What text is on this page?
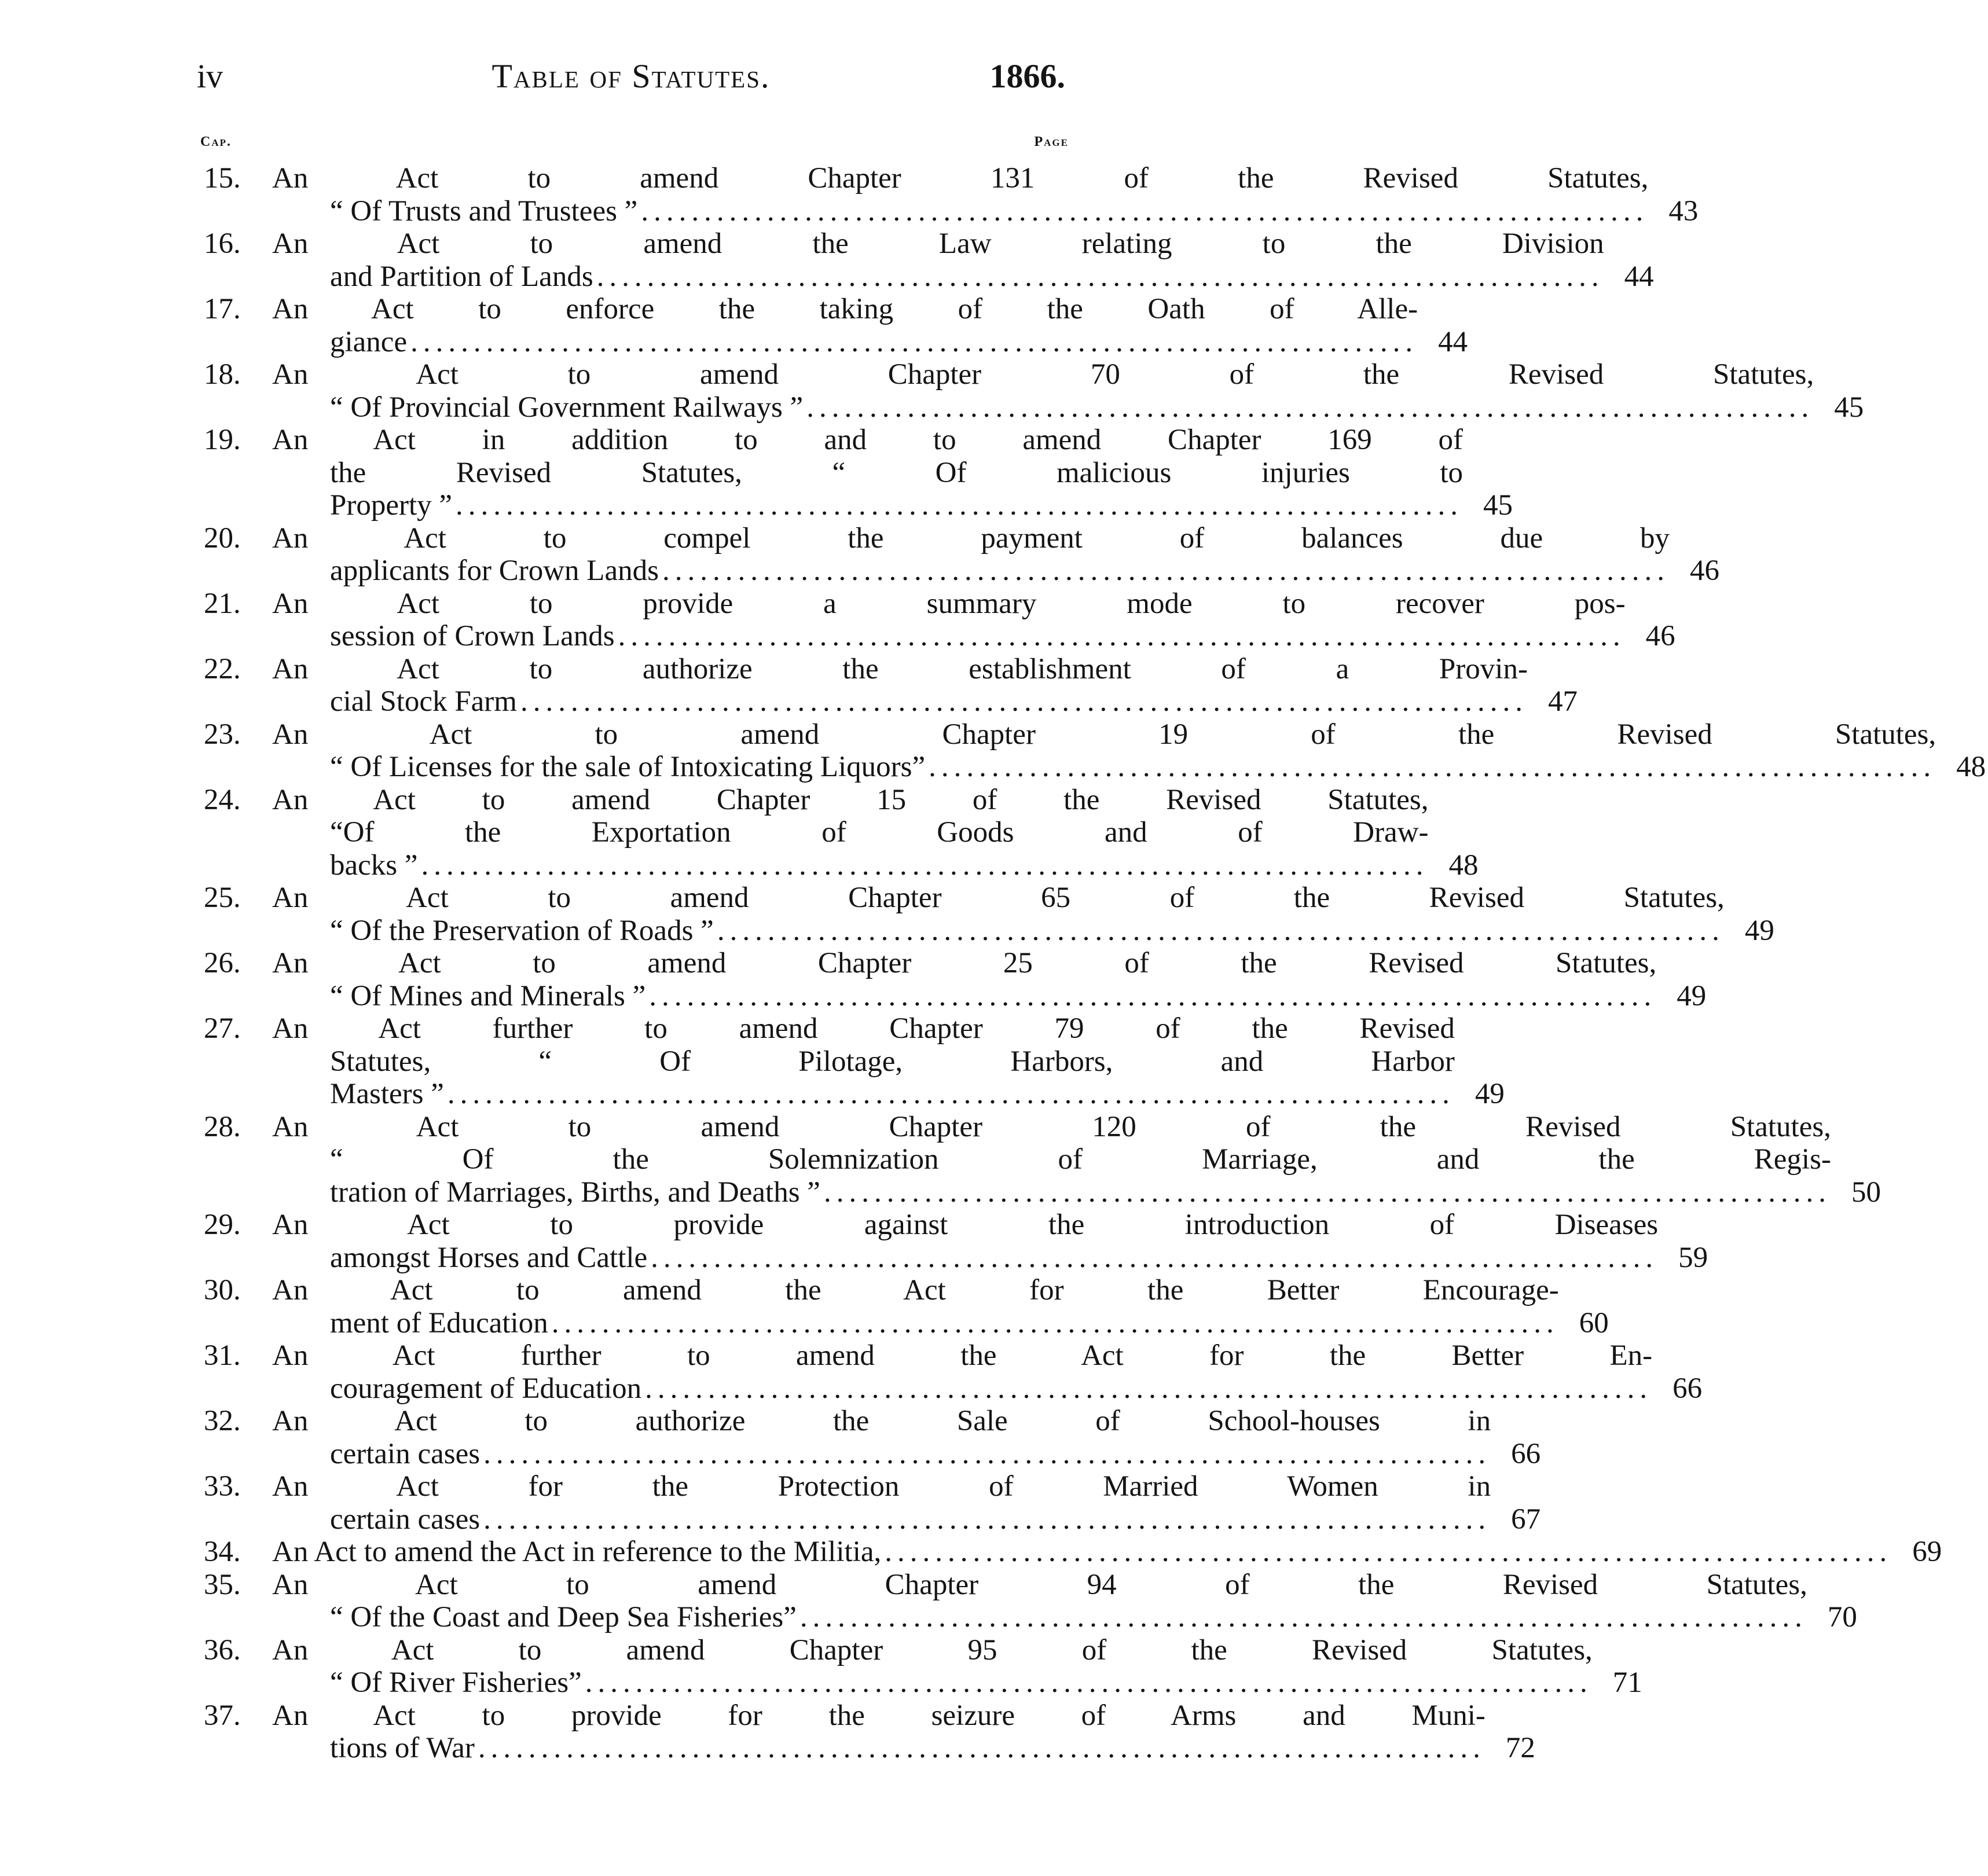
iv	Table of Statutes.	1866.
Cap.	Page
15.	An Act to amend Chapter 131 of the Revised Statutes,
“ Of Trusts and Trustees ” ................................................................................ 43
16.	An Act to amend the Law relating to the Division
and Partition of Lands ................................................................................ 44
17.	An Act to enforce the taking of the Oath of Alle-
giance ................................................................................ 44
18.	An Act to amend Chapter 70 of the Revised Statutes,
“ Of Provincial Government Railways ” ................................................................................ 45
19.	An Act in addition to and to amend Chapter 169 of
the Revised Statutes, “ Of malicious injuries to
Property ” ................................................................................ 45
20.	An Act to compel the payment of balances due by
applicants for Crown Lands ................................................................................ 46
21.	An Act to provide a summary mode to recover pos-
session of Crown Lands ................................................................................ 46
22.	An Act to authorize the establishment of a Provin-
cial Stock Farm ................................................................................ 47
23.	An Act to amend Chapter 19 of the Revised Statutes,
“ Of Licenses for the sale of Intoxicating Liquors” ................................................................................ 48
24.	An Act to amend Chapter 15 of the Revised Statutes,
“Of the Exportation of Goods and of Draw-
backs ” ................................................................................ 48
25.	An Act to amend Chapter 65 of the Revised Statutes,
“ Of the Preservation of Roads ” ................................................................................ 49
26.	An Act to amend Chapter 25 of the Revised Statutes,
“ Of Mines and Minerals ” ................................................................................ 49
27.	An Act further to amend Chapter 79 of the Revised
Statutes, “ Of Pilotage, Harbors, and Harbor
Masters ” ................................................................................ 49
28.	An Act to amend Chapter 120 of the Revised Statutes,
“ Of the Solemnization of Marriage, and the Regis-
tration of Marriages, Births, and Deaths ” ................................................................................ 50
29.	An Act to provide against the introduction of Diseases
amongst Horses and Cattle ................................................................................ 59
30.	An Act to amend the Act for the Better Encourage-
ment of Education ................................................................................ 60
31.	An Act further to amend the Act for the Better En-
couragement of Education ................................................................................ 66
32.	An Act to authorize the Sale of School-houses in
certain cases ................................................................................ 66
33.	An Act for the Protection of Married Women in
certain cases ................................................................................ 67
34.	An Act to amend the Act in reference to the Militia, ................................................................................ 69
35.	An Act to amend Chapter 94 of the Revised Statutes,
“ Of the Coast and Deep Sea Fisheries” ................................................................................ 70
36.	An Act to amend Chapter 95 of the Revised Statutes,
“ Of River Fisheries” ................................................................................ 71
37.	An Act to provide for the seizure of Arms and Muni-
tions of War ................................................................................ 72
